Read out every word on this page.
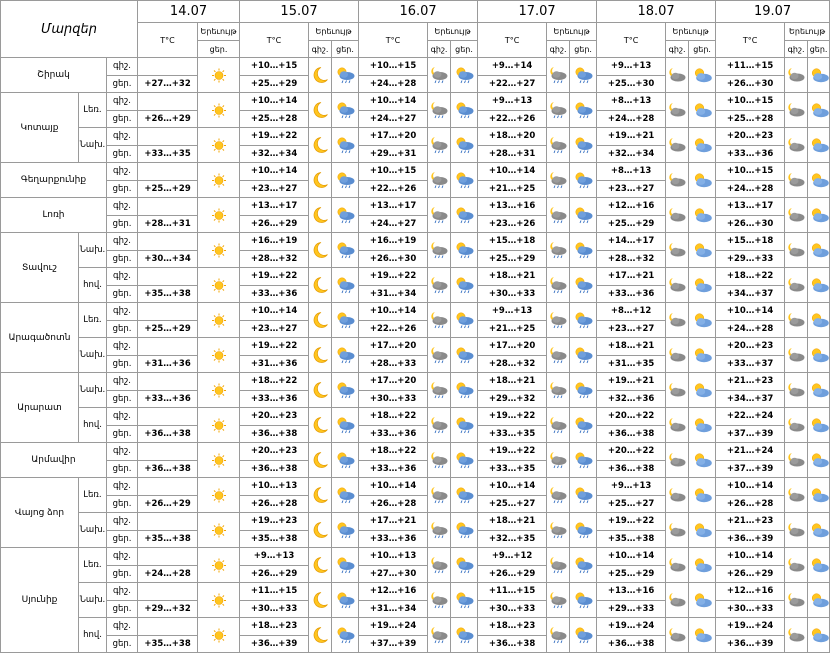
Մարզեր			14.07		15.07			16.07			17.07			18.07			19.07		
			T°C	Երեւույթ	T°C	Երեւույթ		T°C	Երեւույթ		T°C	Երեւույթ		T°C	Երեւույթ		T°C	Երեւույթ	
				ցեր.		գիշ.	ցեր.		գիշ.	ցեր.		գիշ.	ցեր.		գիշ.	ցեր.		գիշ.	ցեր.
Շիրակ		գիշ.			+10…+15			+10…+15			+9…+14			+9…+13			+11…+15	

		ցեր.	+27…+32		+25…+29			+24…+28			+22…+27			+25…+30			+26…+30		
Կոտայք	Լեռ.	գիշ.			+10…+14			+10…+14			+9…+13			+8…+13			+10…+15	

		ցեր.	+26…+29		+25…+28			+24…+27			+22…+26			+24…+28			+25…+28		
	Նախ.	գիշ.			+19…+22			+17…+20			+18…+20			+19…+21			+20…+23	

		ցեր.	+33…+35		+32…+34			+29…+31			+28…+31			+32…+34			+33…+36		
Գեղարքունիք		գիշ.			+10…+14			+10…+15			+10…+14			+8…+13			+10…+15	

		ցեր.	+25…+29		+23…+27			+22…+26			+21…+25			+23…+27			+24…+28		
Լոռի		գիշ.			+13…+17			+13…+17			+13…+16			+12…+16			+13…+17	

		ցեր.	+28…+31		+26…+29			+24…+27			+23…+26			+25…+29			+26…+30		
Տավուշ	Նախ.	գիշ.			+16…+19			+16…+19			+15…+18			+14…+17			+15…+18	

		ցեր.	+30…+34		+28…+32			+26…+30			+25…+29			+28…+32			+29…+33		
	հով.	գիշ.			+19…+22			+19…+22			+18…+21			+17…+21			+18…+22	

		ցեր.	+35…+38		+33…+36			+31…+34			+30…+33			+33…+36			+34…+37		
Արագածոտն	Լեռ.	գիշ.			+10…+14			+10…+14			+9…+13			+8…+12			+10…+14	

		ցեր.	+25…+29		+23…+27			+22…+26			+21…+25			+23…+27			+24…+28		
	Նախ.	գիշ.			+19…+22			+17…+20			+17…+20			+18…+21			+20…+23	

		ցեր.	+31…+36		+31…+36			+28…+33			+28…+32			+31…+35			+33…+37		
Արարատ	Նախ.	գիշ.			+18…+22			+17…+20			+18…+21			+19…+21			+21…+23	

		ցեր.	+33…+36		+33…+36			+30…+33			+29…+32			+32…+36			+34…+37		
	հով.	գիշ.			+20…+23			+18…+22			+19…+22			+20…+22			+22…+24	

		ցեր.	+36…+38		+36…+38			+33…+36			+33…+35			+36…+38			+37…+39		
Արմավիր		գիշ.			+20…+23			+18…+22			+19…+22			+20…+22			+21…+24	

		ցեր.	+36…+38		+36…+38			+33…+36			+33…+35			+36…+38			+37…+39		
Վայոց ձոր	Լեռ.	գիշ.			+10…+13			+10…+14			+10…+14			+9…+13			+10…+14	

		ցեր.	+26…+29		+26…+28			+26…+28			+25…+27			+25…+27			+26…+28		
	Նախ.	գիշ.			+19…+23			+17…+21			+18…+21			+19…+22			+21…+23	

		ցեր.	+35…+38		+35…+38			+33…+36			+32…+35			+35…+38			+36…+39		
Սյունիք	Լեռ.	գիշ.			+9…+13			+10…+13			+9…+12			+10…+14			+10…+14	

		ցեր.	+24…+28		+26…+29			+27…+30			+26…+29			+25…+29			+26…+29		
	Նախ.	գիշ.			+11…+15			+12…+16			+11…+15			+13…+16			+12…+16	

		ցեր.	+29…+32		+30…+33			+31…+34			+30…+33			+29…+33			+30…+33		
	հով.	գիշ.			+18…+23			+19…+24			+18…+23			+19…+24			+19…+24	

		ցեր.	+35…+38		+36…+39			+37…+39			+36…+38			+36…+38			+36…+39		
